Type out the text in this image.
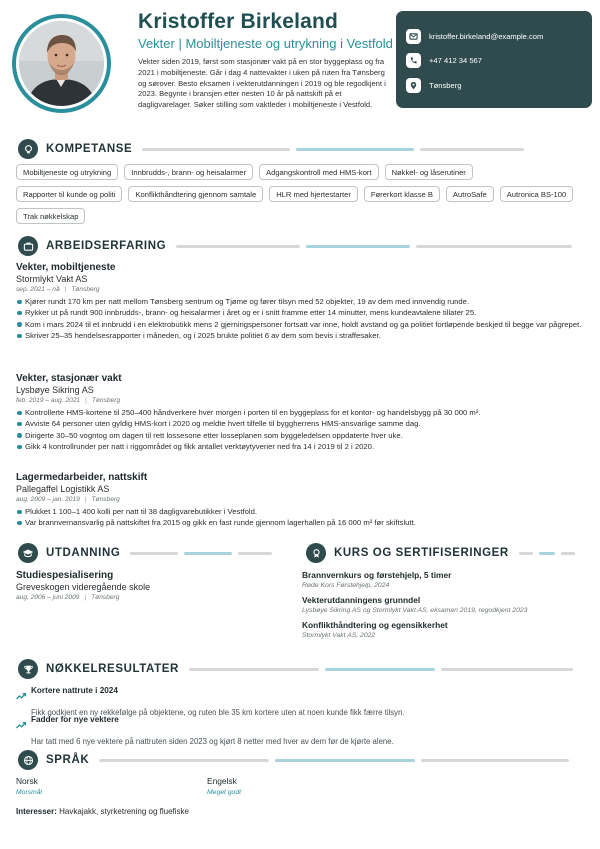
Kristoffer Birkeland
Vekter | Mobiltjeneste og utrykning i Vestfold
Vekter siden 2019, først som stasjonær vakt på en stor byggeplass og fra 2021 i mobiltjeneste. Går i dag 4 nattevakter i uken på ruten fra Tønsberg og sørover. Besto eksamen i vekterutdanningen i 2019 og ble regodkjent i 2023. Begynte i bransjen etter nesten 10 år på nattskift på et dagligvarelager. Søker stilling som vaktleder i mobiltjeneste i Vestfold.
kristoffer.birkeland@example.com
+47 412 34 567
Tønsberg
KOMPETANSE
Mobiltjeneste og utrykning	Innbrudds-, brann- og heisalarmer	Adgangskontroll med HMS-kort	Nøkkel- og låserutiner
Rapporter til kunde og politi	Konflikthåndtering gjennom samtale	HLR med hjertestarter	Førerkort klasse B	AutroSafe	Autronica BS-100
Trak nøkkelskap
ARBEIDSERFARING
Vekter, mobiltjeneste
Stormlykt Vakt AS
sep. 2021 – nå | Tønsberg
Kjører rundt 170 km per natt mellom Tønsberg sentrum og Tjøme og fører tilsyn med 52 objekter, 19 av dem med innvendig runde.
Rykker ut på rundt 900 innbrudds-, brann- og heisalarmer i året og er i snitt framme etter 14 minutter, mens kundeavtalene tillater 25.
Kom i mars 2024 til et innbrudd i en elektrobutikk mens 2 gjerningspersoner fortsatt var inne, holdt avstand og ga politiet fortløpende beskjed til begge var pågrepet.
Skriver 25–35 hendelsesrapporter i måneden, og i 2025 brukte politiet 6 av dem som bevis i straffesaker.
Vekter, stasjonær vakt
Lysbøye Sikring AS
feb. 2019 – aug. 2021 | Tønsberg
Kontrollerte HMS-kortene til 250–400 håndverkere hver morgen i porten til en byggeplass for et kontor- og handelsbygg på 30 000 m².
Avviste 64 personer uten gyldig HMS-kort i 2020 og meldte hvert tilfelle til byggherrens HMS-ansvarlige samme dag.
Dirigerte 30–50 vogntog om dagen til rett lossesone etter losseplanen som byggeledelsen oppdaterte hver uke.
Gikk 4 kontrollrunder per natt i riggområdet og fikk antallet verktøytyverier ned fra 14 i 2019 til 2 i 2020.
Lagermedarbeider, nattskift
Pallegaffel Logistikk AS
aug. 2009 – jan. 2019 | Tønsberg
Plukket 1 100–1 400 kolli per natt til 38 dagligvarebutikker i Vestfold.
Var brannvernansvarlig på nattskiftet fra 2015 og gikk en fast runde gjennom lagerhallen på 16 000 m² før skiftslutt.
UTDANNING
Studiespesialisering
Greveskogen videregående skole
aug. 2006 – juni 2009 | Tønsberg
KURS OG SERTIFISERINGER
Brannvernkurs og førstehjelp, 5 timer
Røde Kors Førstehjelp, 2024
Vekterutdanningens grunndel
Lysbøye Sikring AS og Stormlykt Vakt AS, eksamen 2019, regodkjent 2023
Konflikthåndtering og egensikkerhet
Stormlykt Vakt AS, 2022
NØKKELRESULTATER
Kortere nattrute i 2024
Fikk godkjent en ny rekkefølge på objektene, og ruten ble 35 km kortere uten at noen kunde fikk færre tilsyn.
Fadder for nye vektere
Har tatt med 6 nye vektere på nattruten siden 2023 og kjørt 8 netter med hver av dem før de kjørte alene.
SPRÅK
Norsk
Morsmål
Engelsk
Meget godt
Interesser: Havkajakk, styrketrening og fluefiske
